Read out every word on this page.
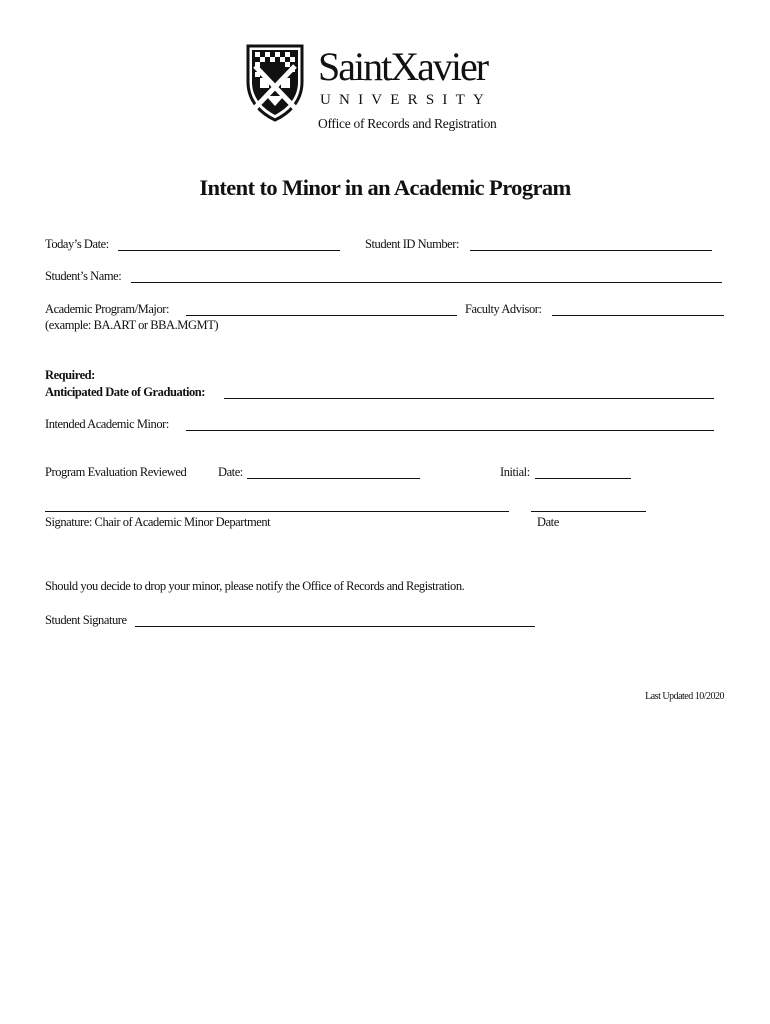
SaintXavier
UNIVERSITY
Office of Records and Registration
Intent to Minor in an Academic Program
Today’s Date:	Student ID Number:
Student’s Name:
Academic Program/Major:	Faculty Advisor:
(example: BA.ART or BBA.MGMT)
Required:
Anticipated Date of Graduation:
Intended Academic Minor:
Program Evaluation Reviewed	Date:	Initial:
Signature: Chair of Academic Minor Department	Date
Should you decide to drop your minor, please notify the Office of Records and Registration.
Student Signature
Last Updated 10/2020
